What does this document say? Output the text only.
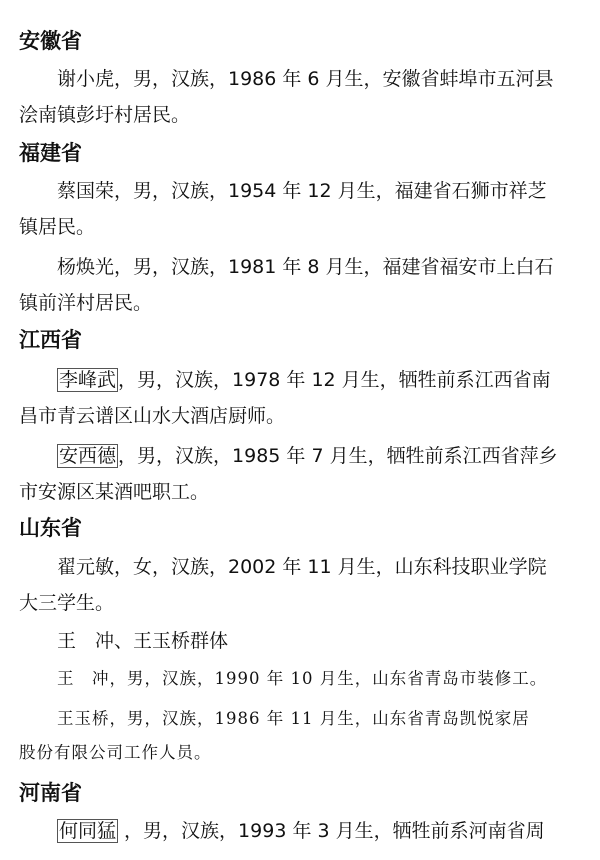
安徽省

谢小虎，男，汉族，1986 年 6 月生，安徽省蚌埠市五河县
浍南镇彭圩村居民。

福建省

蔡国荣，男，汉族，1954 年 12 月生，福建省石狮市祥芝
镇居民。

杨焕光，男，汉族，1981 年 8 月生，福建省福安市上白石
镇前洋村居民。

江西省

李峰武 ，男，汉族，1978 年 12 月生，牺牲前系江西省南
昌市青云谱区山水大酒店厨师。

安西德 ，男，汉族，1985 年 7 月生，牺牲前系江西省萍乡
市安源区某酒吧职工。

山东省

翟元敏，女，汉族，2002 年 11 月生，山东科技职业学院
大三学生。

王　冲、王玉桥群体

王　冲，男，汉族，1990 年 10 月生，山东省青岛市装修工。

王玉桥，男，汉族，1986 年 11 月生，山东省青岛凯悦家居
股份有限公司工作人员。

河南省

何同猛 ，男，汉族，1993 年 3 月生，牺牲前系河南省周
